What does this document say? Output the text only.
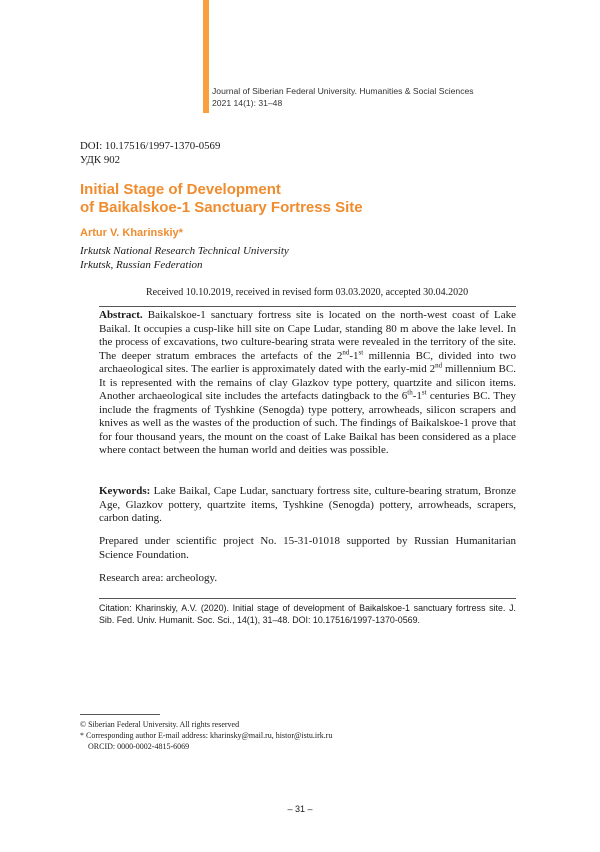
Journal of Siberian Federal University. Humanities & Social Sciences
2021 14(1): 31–48
DOI: 10.17516/1997-1370-0569
УДК 902
Initial Stage of Development
of Baikalskoe-1 Sanctuary Fortress Site
Artur V. Kharinskiy*
Irkutsk National Research Technical University
Irkutsk, Russian Federation
Received 10.10.2019, received in revised form 03.03.2020, accepted 30.04.2020

Abstract. Baikalskoe-1 sanctuary fortress site is located on the north-west coast of Lake Baikal. It occupies a cusp-like hill site on Cape Ludar, standing 80 m above the lake level. In the process of excavations, two culture-bearing strata were revealed in the territory of the site. The deeper stratum embraces the artefacts of the 2nd-1st millennia BC, divided into two archaeological sites. The earlier is approximately dated with the early-mid 2nd millennium BC. It is represented with the remains of clay Glazkov type pottery, quartzite and silicon items. Another archaeological site includes the artefacts datingback to the 6th-1st centuries BC. They include the fragments of Tyshkine (Senogda) type pottery, arrowheads, silicon scrapers and knives as well as the wastes of the production of such. The findings of Baikalskoe-1 prove that for four thousand years, the mount on the coast of Lake Baikal has been considered as a place where contact between the human world and deities was possible.

Keywords: Lake Baikal, Cape Ludar, sanctuary fortress site, culture-bearing stratum, Bronze Age, Glazkov pottery, quartzite items, Tyshkine (Senogda) pottery, arrowheads, scrapers, carbon dating.

Prepared under scientific project No. 15-31-01018 supported by Russian Humanitarian Science Foundation.

Research area: archeology.

Citation: Kharinskiy, A.V. (2020). Initial stage of development of Baikalskoe-1 sanctuary fortress site. J. Sib. Fed. Univ. Humanit. Soc. Sci., 14(1), 31–48. DOI: 10.17516/1997-1370-0569.
© Siberian Federal University. All rights reserved
* Corresponding author E-mail address: kharinsky@mail.ru, histor@istu.irk.ru
ORCID: 0000-0002-4815-6069
– 31 –
